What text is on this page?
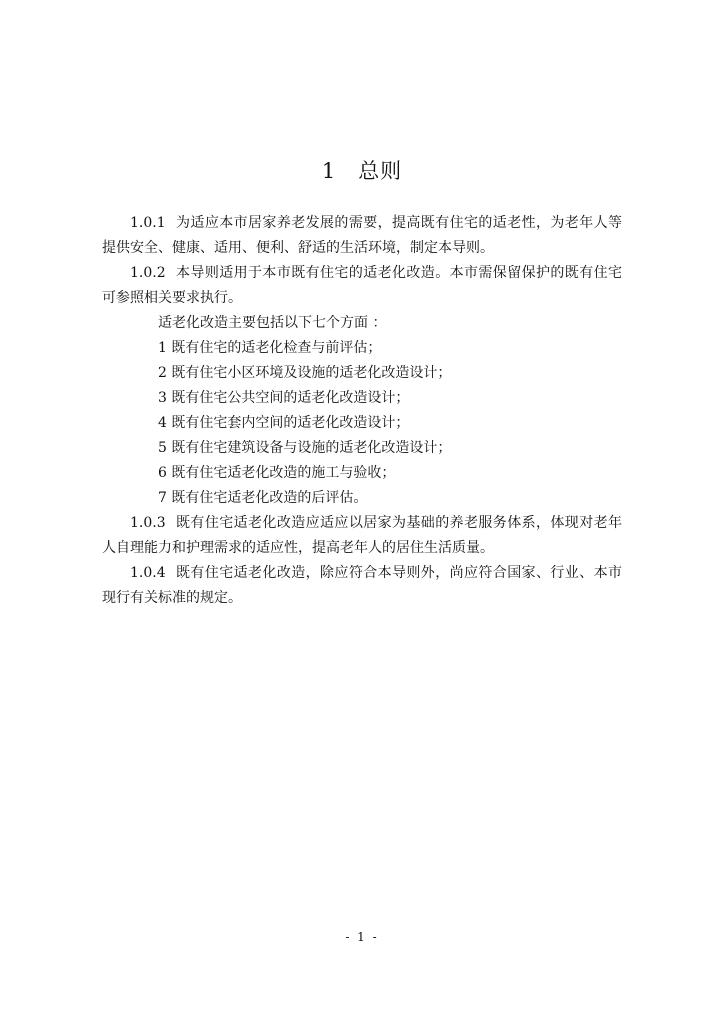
1 总则

1.0.1 为适应本市居家养老发展的需要，提高既有住宅的适老性，为老年人等提供安全、健康、适用、便利、舒适的生活环境，制定本导则。

1.0.2 本导则适用于本市既有住宅的适老化改造。本市需保留保护的既有住宅可参照相关要求执行。

适老化改造主要包括以下七个方面 ：

1 既有住宅的适老化检查与前评估；

2 既有住宅小区环境及设施的适老化改造设计；

3 既有住宅公共空间的适老化改造设计；

4 既有住宅套内空间的适老化改造设计；

5 既有住宅建筑设备与设施的适老化改造设计；

6 既有住宅适老化改造的施工与验收；

7 既有住宅适老化改造的后评估。

1.0.3 既有住宅适老化改造应适应以居家为基础的养老服务体系，体现对老年人自理能力和护理需求的适应性，提高老年人的居住生活质量。

1.0.4 既有住宅适老化改造，除应符合本导则外，尚应符合国家、行业、本市现行有关标准的规定。

- 1 -
